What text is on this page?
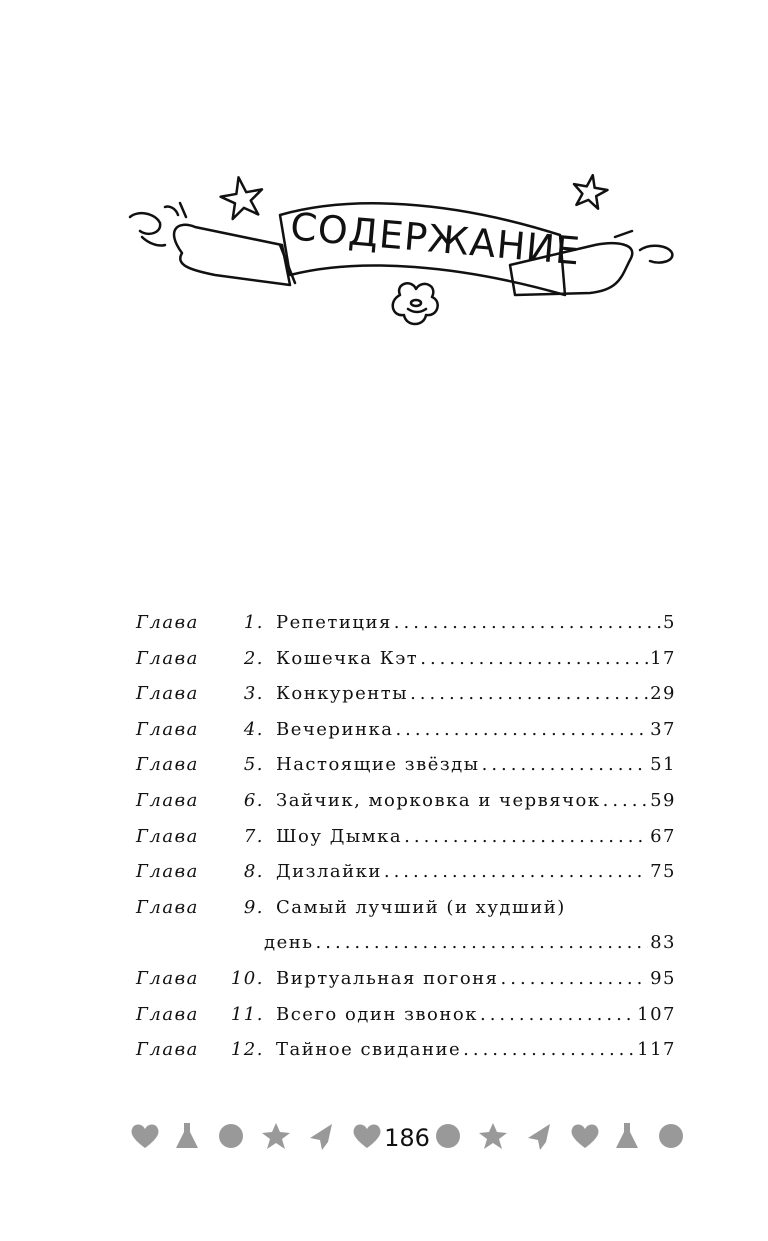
СОДЕРЖАНИЕ
Глава	1. Репетиция .....	5
Глава	2. Кошечка Кэт .....	17
Глава	3. Конкуренты .....	29
Глава	4. Вечеринка .....	37
Глава	5. Настоящие звёзды .....	51
Глава	6. Зайчик, морковка и червячок .....	59
Глава	7. Шоу Дымка .....	67
Глава	8. Дизлайки .....	75
Глава	9. Самый лучший (и худший)
день .....	83
Глава	10. Виртуальная погоня .....	95
Глава	11. Всего один звонок .....	107
Глава	12. Тайное свидание .....	117
186
